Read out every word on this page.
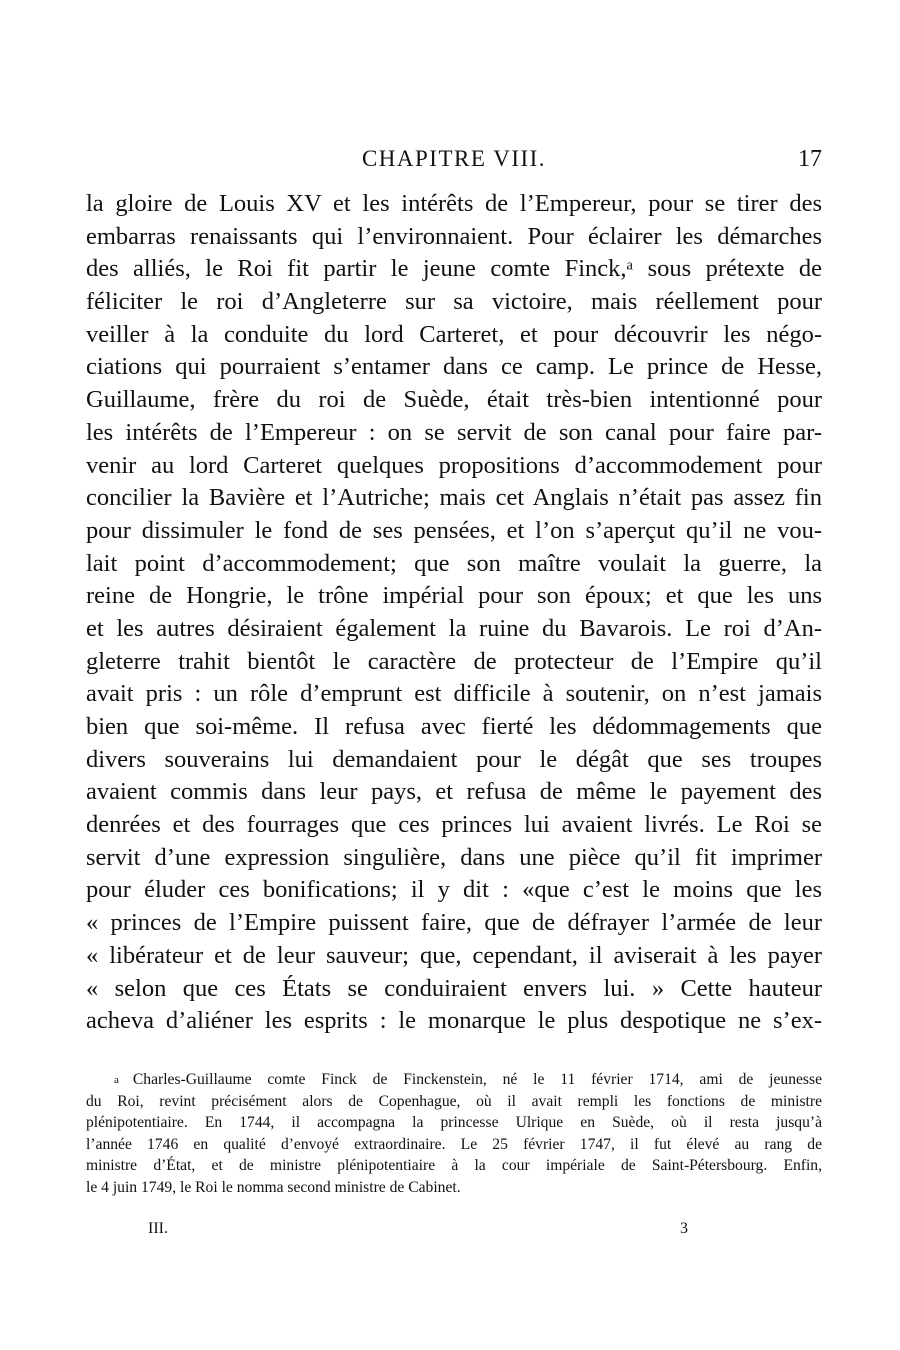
CHAPITRE VIII.	17
la gloire de Louis XV et les intérêts de l’Empereur, pour se tirer des
embarras renaissants qui l’environnaient. Pour éclairer les démarches
des alliés, le Roi fit partir le jeune comte Finck,ᵃ sous prétexte de
féliciter le roi d’Angleterre sur sa victoire, mais réellement pour
veiller à la conduite du lord Carteret, et pour découvrir les négo-
ciations qui pourraient s’entamer dans ce camp. Le prince de Hesse,
Guillaume, frère du roi de Suède, était très-bien intentionné pour
les intérêts de l’Empereur : on se servit de son canal pour faire par-
venir au lord Carteret quelques propositions d’accommodement pour
concilier la Bavière et l’Autriche; mais cet Anglais n’était pas assez fin
pour dissimuler le fond de ses pensées, et l’on s’aperçut qu’il ne vou-
lait point d’accommodement; que son maître voulait la guerre, la
reine de Hongrie, le trône impérial pour son époux; et que les uns
et les autres désiraient également la ruine du Bavarois. Le roi d’An-
gleterre trahit bientôt le caractère de protecteur de l’Empire qu’il
avait pris : un rôle d’emprunt est difficile à soutenir, on n’est jamais
bien que soi-même. Il refusa avec fierté les dédommagements que
divers souverains lui demandaient pour le dégât que ses troupes
avaient commis dans leur pays, et refusa de même le payement des
denrées et des fourrages que ces princes lui avaient livrés. Le Roi se
servit d’une expression singulière, dans une pièce qu’il fit imprimer
pour éluder ces bonifications; il y dit : «que c’est le moins que les
« princes de l’Empire puissent faire, que de défrayer l’armée de leur
« libérateur et de leur sauveur; que, cependant, il aviserait à les payer
« selon que ces États se conduiraient envers lui. » Cette hauteur
acheva d’aliéner les esprits : le monarque le plus despotique ne s’ex-
a Charles-Guillaume comte Finck de Finckenstein, né le 11 février 1714, ami de jeunesse
du Roi, revint précisément alors de Copenhague, où il avait rempli les fonctions de ministre
plénipotentiaire. En 1744, il accompagna la princesse Ulrique en Suède, où il resta jusqu’à
l’année 1746 en qualité d’envoyé extraordinaire. Le 25 février 1747, il fut élevé au rang de
ministre d’État, et de ministre plénipotentiaire à la cour impériale de Saint-Pétersbourg. Enfin,
le 4 juin 1749, le Roi le nomma second ministre de Cabinet.
III.	3
